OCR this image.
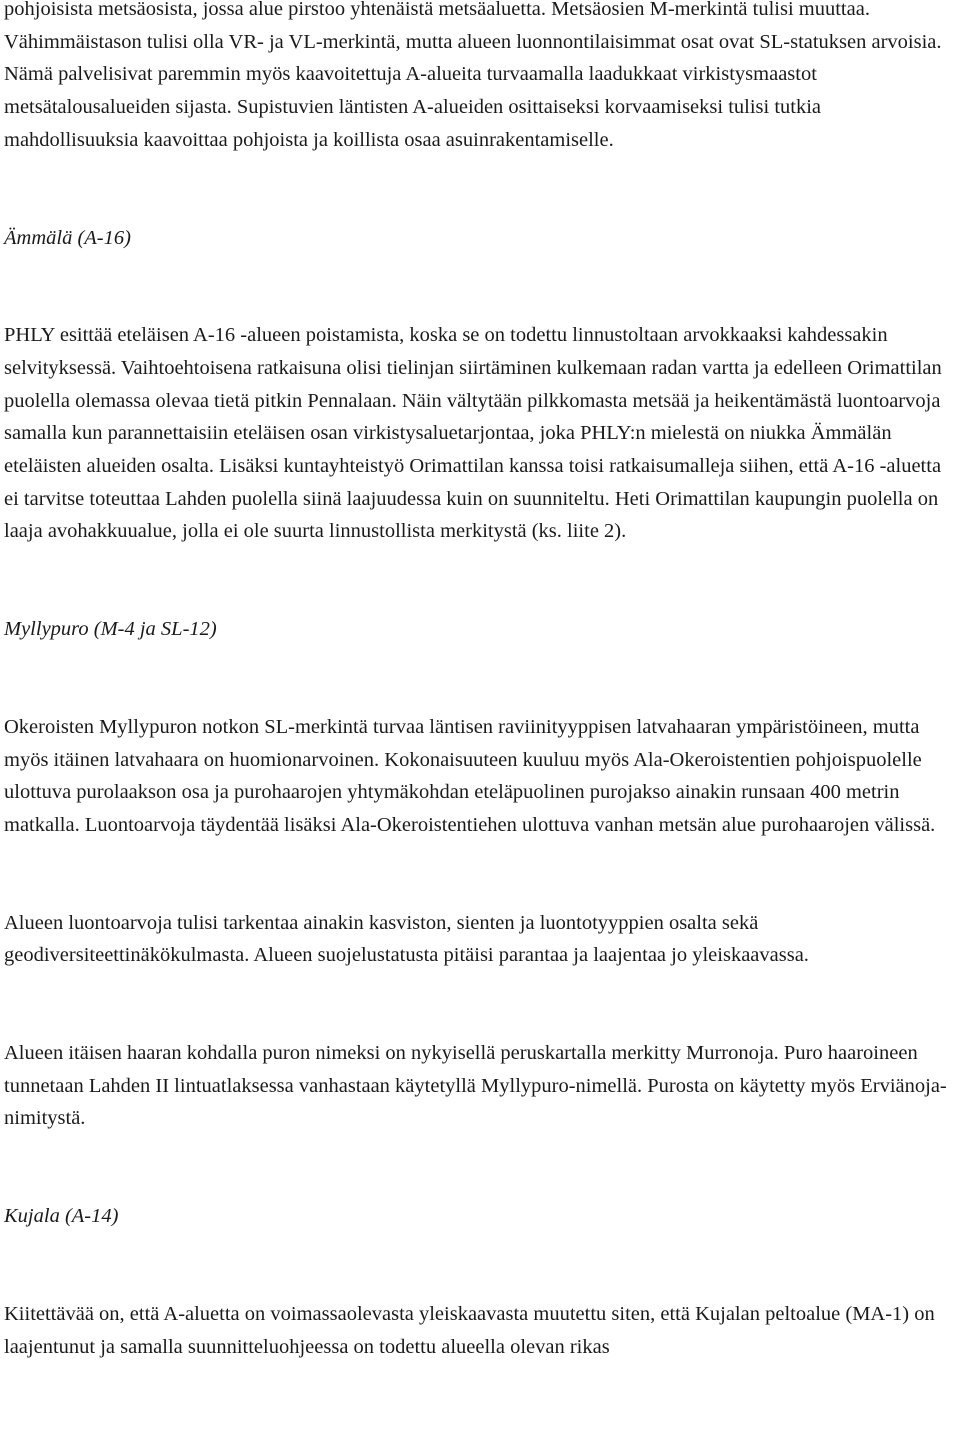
pohjoisista metsäosista, jossa alue pirstoo yhtenäistä metsäaluetta. Metsäosien M-merkintä tulisi muuttaa. Vähimmäistason tulisi olla VR- ja VL-merkintä, mutta alueen luonnontilaisimmat osat ovat SL-statuksen arvoisia. Nämä palvelisivat paremmin myös kaavoitettuja A-alueita turvaamalla laadukkaat virkistysmaastot metsätalousalueiden sijasta. Supistuvien läntisten A-alueiden osittaiseksi korvaamiseksi tulisi tutkia mahdollisuuksia kaavoittaa pohjoista ja koillista osaa asuinrakentamiselle.

Ämmälä (A-16)

PHLY esittää eteläisen A-16 -alueen poistamista, koska se on todettu linnustoltaan arvokkaaksi kahdessakin selvityksessä. Vaihtoehtoisena ratkaisuna olisi tielinjan siirtäminen kulkemaan radan vartta ja edelleen Orimattilan puolella olemassa olevaa tietä pitkin Pennalaan. Näin vältytään pilkkomasta metsää ja heikentämästä luontoarvoja samalla kun parannettaisiin eteläisen osan virkistysaluetarjontaa, joka PHLY:n mielestä on niukka Ämmälän eteläisten alueiden osalta. Lisäksi kuntayhteistyö Orimattilan kanssa toisi ratkaisumalleja siihen, että A-16 -aluetta ei tarvitse toteuttaa Lahden puolella siinä laajuudessa kuin on suunniteltu. Heti Orimattilan kaupungin puolella on laaja avohakkuualue, jolla ei ole suurta linnustollista merkitystä (ks. liite 2).

Myllypuro (M-4 ja SL-12)

Okeroisten Myllypuron notkon SL-merkintä turvaa läntisen raviinityyppisen latvahaaran ympäristöineen, mutta myös itäinen latvahaara on huomionarvoinen. Kokonaisuuteen kuuluu myös Ala-Okeroistentien pohjoispuolelle ulottuva purolaakson osa ja purohaarojen yhtymäkohdan eteläpuolinen purojakso ainakin runsaan 400 metrin matkalla. Luontoarvoja täydentää lisäksi Ala-Okeroistentiehen ulottuva vanhan metsän alue purohaarojen välissä.

Alueen luontoarvoja tulisi tarkentaa ainakin kasviston, sienten ja luontotyyppien osalta sekä geodiversiteettinäkökulmasta. Alueen suojelustatusta pitäisi parantaa ja laajentaa jo yleiskaavassa.

Alueen itäisen haaran kohdalla puron nimeksi on nykyisellä peruskartalla merkitty Murronoja. Puro haaroineen tunnetaan Lahden II lintuatlaksessa vanhastaan käytetyllä Myllypuro-nimellä. Purosta on käytetty myös Erviänoja-nimitystä.

Kujala (A-14)

Kiitettävää on, että A-aluetta on voimassaolevasta yleiskaavasta muutettu siten, että Kujalan peltoalue (MA-1) on laajentunut ja samalla suunnitteluohjeessa on todettu alueella olevan rikas
